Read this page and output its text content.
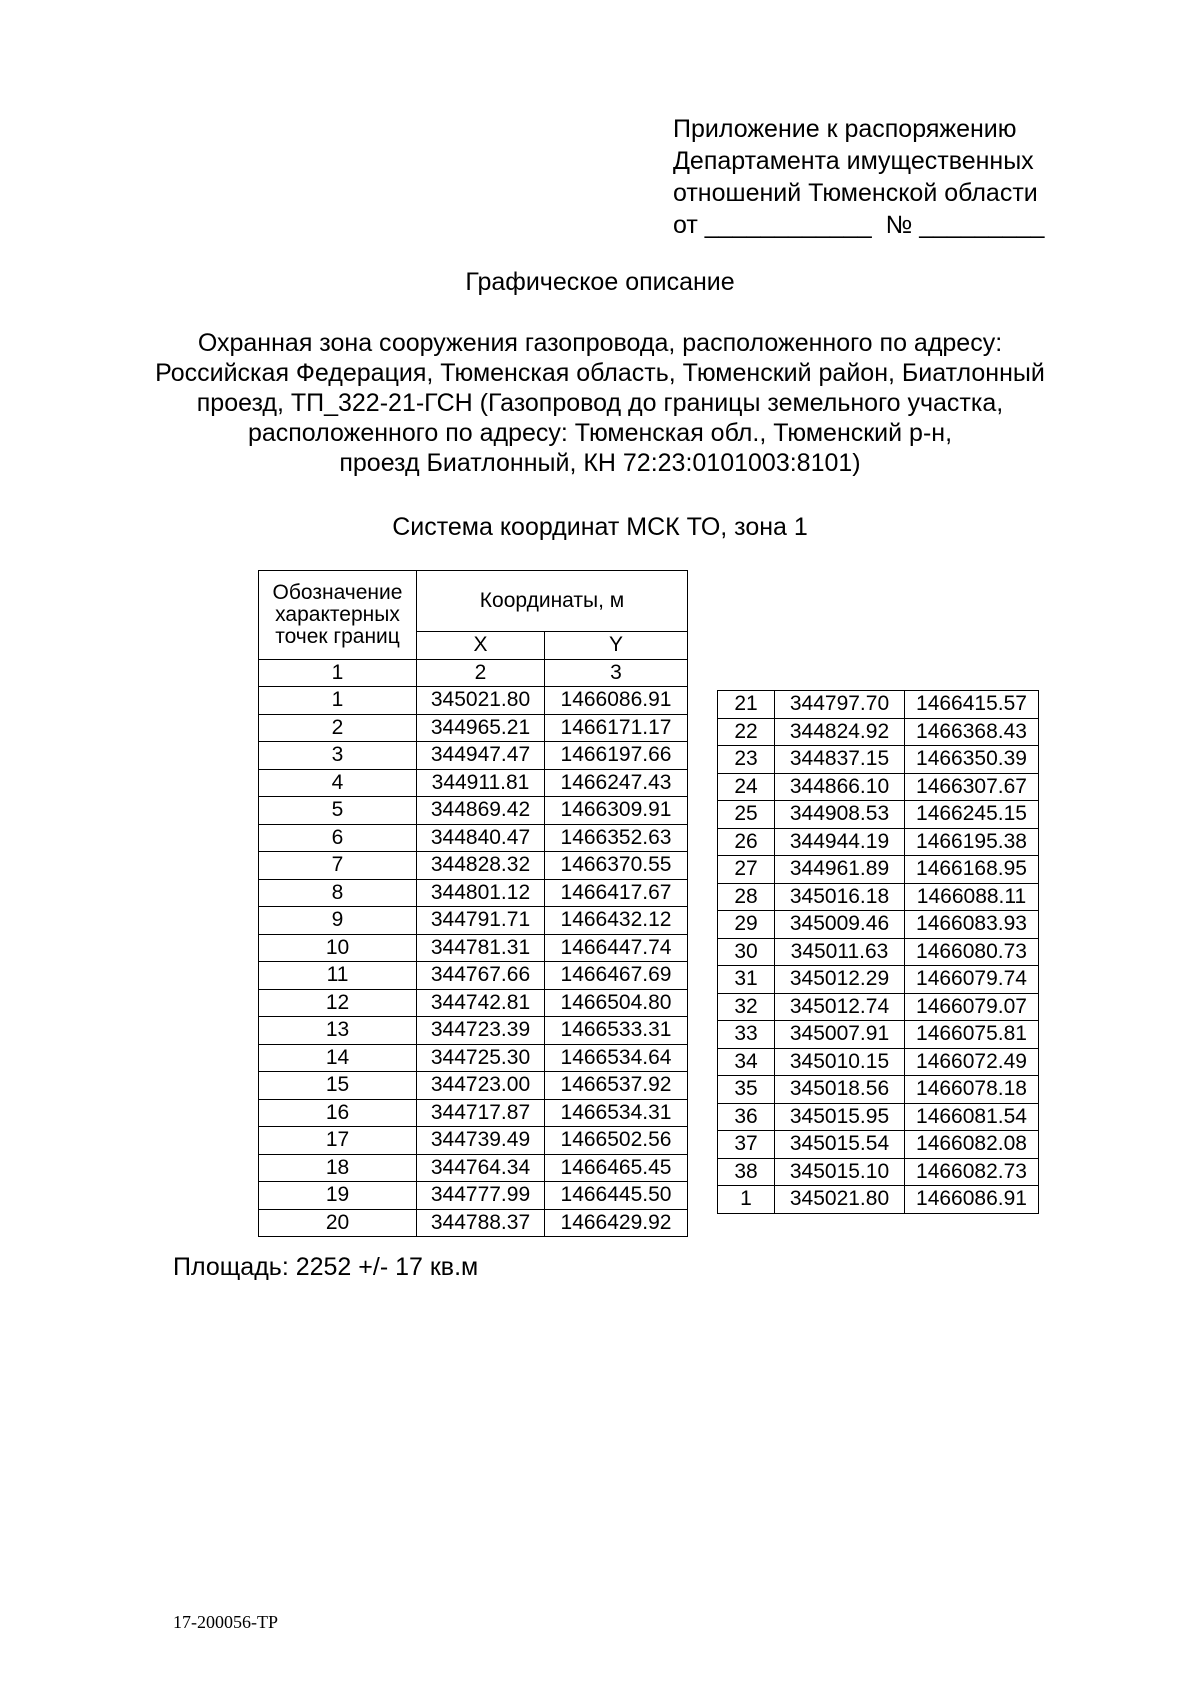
Приложение к распоряжению
Департамента имущественных
отношений Тюменской области
от ____________  № _________
Графическое описание
Охранная зона сооружения газопровода, расположенного по адресу:
Российская Федерация, Тюменская область, Тюменский район, Биатлонный
проезд, ТП_322-21-ГСН (Газопровод до границы земельного участка,
расположенного по адресу: Тюменская обл., Тюменский р-н,
проезд Биатлонный, КН 72:23:0101003:8101)
Система координат МСК ТО, зона 1
Обозначение характерных точек границ	Координаты, м	
	X	Y
1	2	3
1	345021.80	1466086.91
2	344965.21	1466171.17
3	344947.47	1466197.66
4	344911.81	1466247.43
5	344869.42	1466309.91
6	344840.47	1466352.63
7	344828.32	1466370.55
8	344801.12	1466417.67
9	344791.71	1466432.12
10	344781.31	1466447.74
11	344767.66	1466467.69
12	344742.81	1466504.80
13	344723.39	1466533.31
14	344725.30	1466534.64
15	344723.00	1466537.92
16	344717.87	1466534.31
17	344739.49	1466502.56
18	344764.34	1466465.45
19	344777.99	1466445.50
20	344788.37	1466429.92
21	344797.70	1466415.57
22	344824.92	1466368.43
23	344837.15	1466350.39
24	344866.10	1466307.67
25	344908.53	1466245.15
26	344944.19	1466195.38
27	344961.89	1466168.95
28	345016.18	1466088.11
29	345009.46	1466083.93
30	345011.63	1466080.73
31	345012.29	1466079.74
32	345012.74	1466079.07
33	345007.91	1466075.81
34	345010.15	1466072.49
35	345018.56	1466078.18
36	345015.95	1466081.54
37	345015.54	1466082.08
38	345015.10	1466082.73
1	345021.80	1466086.91
Площадь: 2252 +/- 17 кв.м
17-200056-ТР
